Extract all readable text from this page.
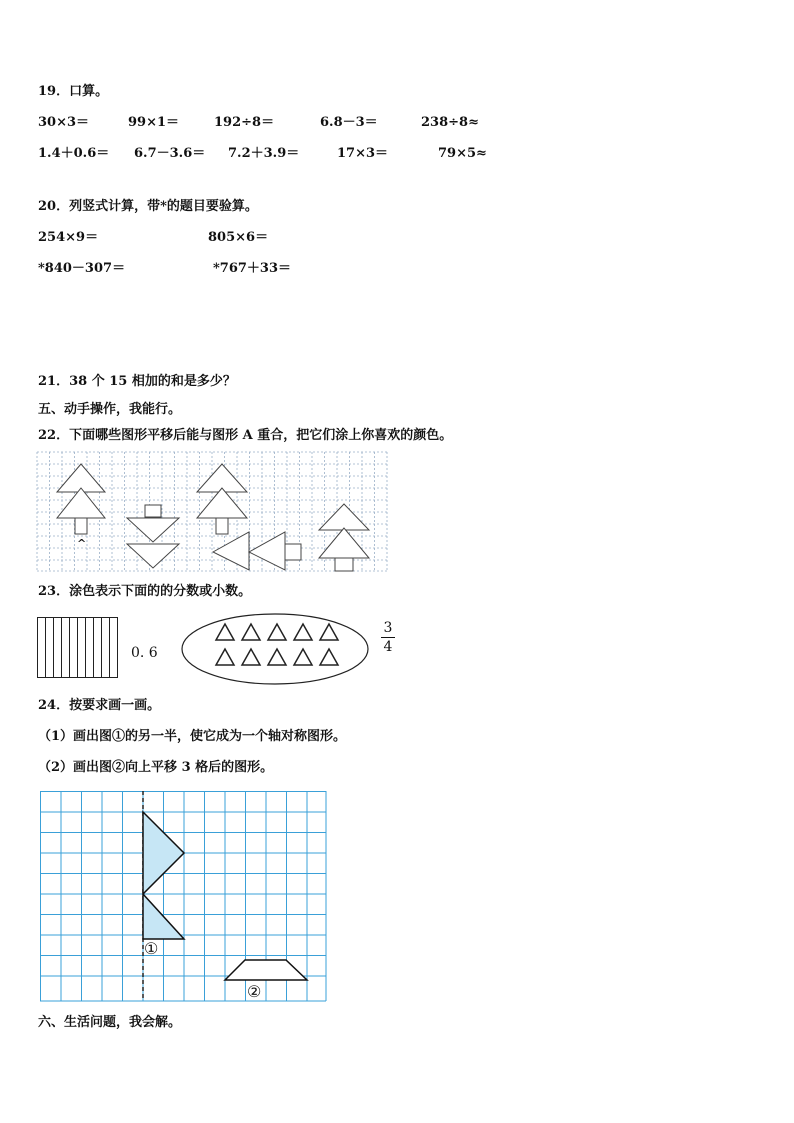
19．口算。
30×3＝	99×1＝	192÷8＝	6.8－3＝	238÷8≈
1.4＋0.6＝ 6.7－3.6＝ 7.2＋3.9＝	17×3＝	79×5≈
20．列竖式计算，带*的题目要验算。
254×9＝	805×6＝
*840－307＝	*767＋33＝
21．38 个 15 相加的和是多少？
五、动手操作，我能行。
22．下面哪些图形平移后能与图形 A 重合，把它们涂上你喜欢的颜色。
^
23．涂色表示下面的的分数或小数。
0. 6
3
4
24．按要求画一画。
（1）画出图①的另一半，使它成为一个轴对称图形。
（2）画出图②向上平移 3 格后的图形。
①
②
六、生活问题，我会解。
